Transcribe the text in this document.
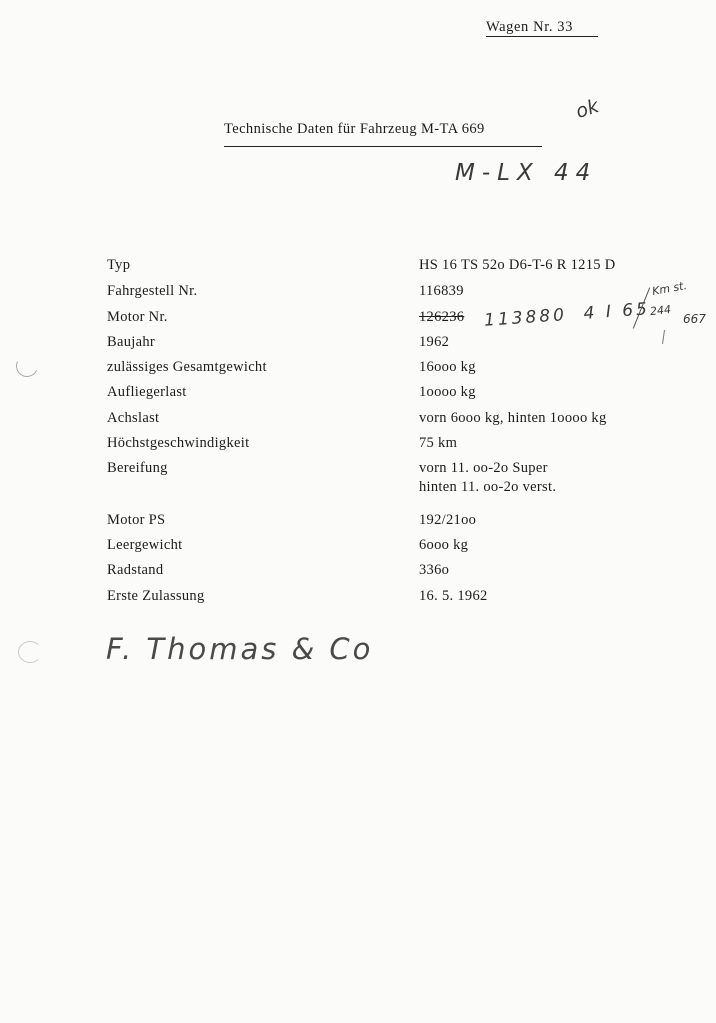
Wagen Nr. 33
Technische Daten für Fahrzeug M-TA 669
ok
M-LX 44
Typ	HS 16 TS 52o D6-T-6 R 1215 D
Fahrgestell Nr.	116839
Motor Nr.	126236 113880 4 I 65
Km st.
244
667
Baujahr	1962
zulässiges Gesamtgewicht	16ooo kg
Aufliegerlast	1oooo kg
Achslast	vorn 6ooo kg, hinten 1oooo kg
Höchstgeschwindigkeit	75 km
Bereifung	vorn 11. oo-2o Super
hinten 11. oo-2o verst.
Motor PS	192/21oo
Leergewicht	6ooo kg
Radstand	336o
Erste Zulassung	16. 5. 1962
F. Thomas & Co
